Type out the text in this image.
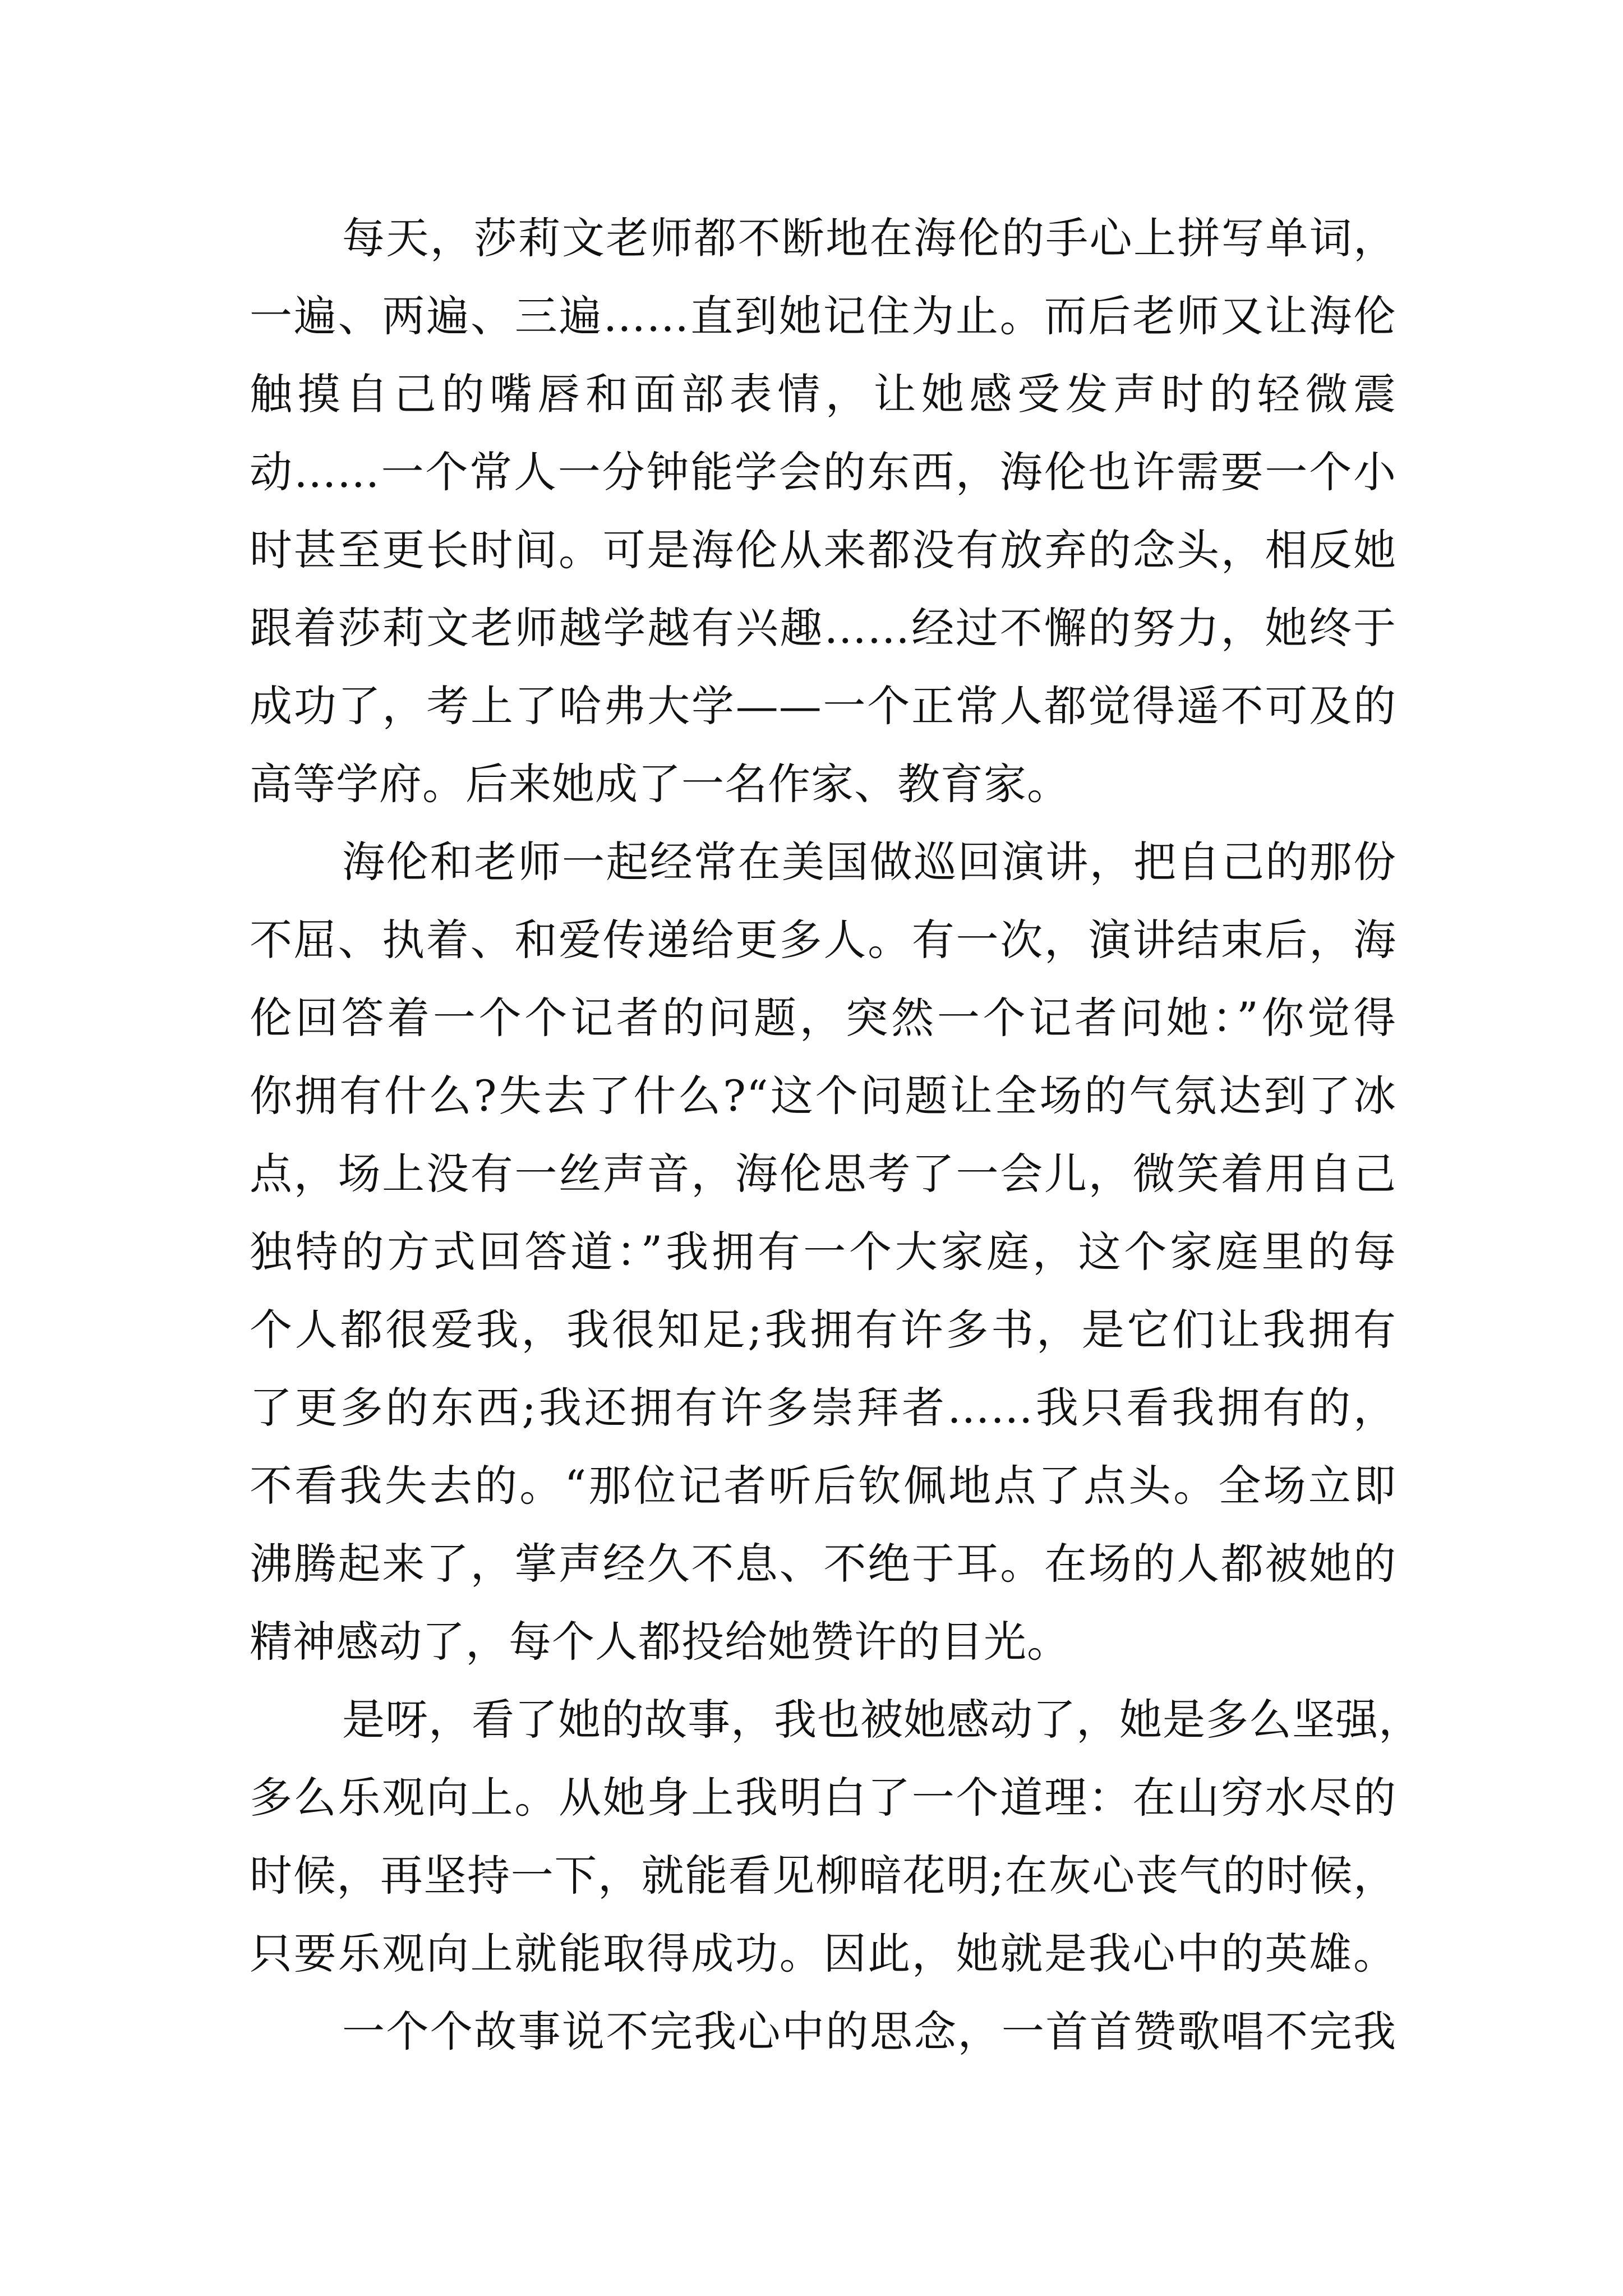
每天，莎莉文老师都不断地在海伦的手心上拼写单词，
一遍、两遍、三遍……直到她记住为止。而后老师又让海伦
触摸自己的嘴唇和面部表情，让她感受发声时的轻微震
动……一个常人一分钟能学会的东西，海伦也许需要一个小
时甚至更长时间。可是海伦从来都没有放弃的念头，相反她
跟着莎莉文老师越学越有兴趣……经过不懈的努力，她终于
成功了，考上了哈弗大学——一个正常人都觉得遥不可及的
高等学府。后来她成了一名作家、教育家。
海伦和老师一起经常在美国做巡回演讲，把自己的那份
不屈、执着、和爱传递给更多人。有一次，演讲结束后，海
伦回答着一个个记者的问题，突然一个记者问她：”你觉得
你拥有什么?失去了什么?“这个问题让全场的气氛达到了冰
点，场上没有一丝声音，海伦思考了一会儿，微笑着用自己
独特的方式回答道：”我拥有一个大家庭，这个家庭里的每
个人都很爱我，我很知足;我拥有许多书，是它们让我拥有
了更多的东西;我还拥有许多崇拜者……我只看我拥有的，
不看我失去的。“那位记者听后钦佩地点了点头。全场立即
沸腾起来了，掌声经久不息、不绝于耳。在场的人都被她的
精神感动了，每个人都投给她赞许的目光。
是呀，看了她的故事，我也被她感动了，她是多么坚强，
多么乐观向上。从她身上我明白了一个道理：在山穷水尽的
时候，再坚持一下，就能看见柳暗花明;在灰心丧气的时候，
只要乐观向上就能取得成功。因此，她就是我心中的英雄。
一个个故事说不完我心中的思念，一首首赞歌唱不完我
